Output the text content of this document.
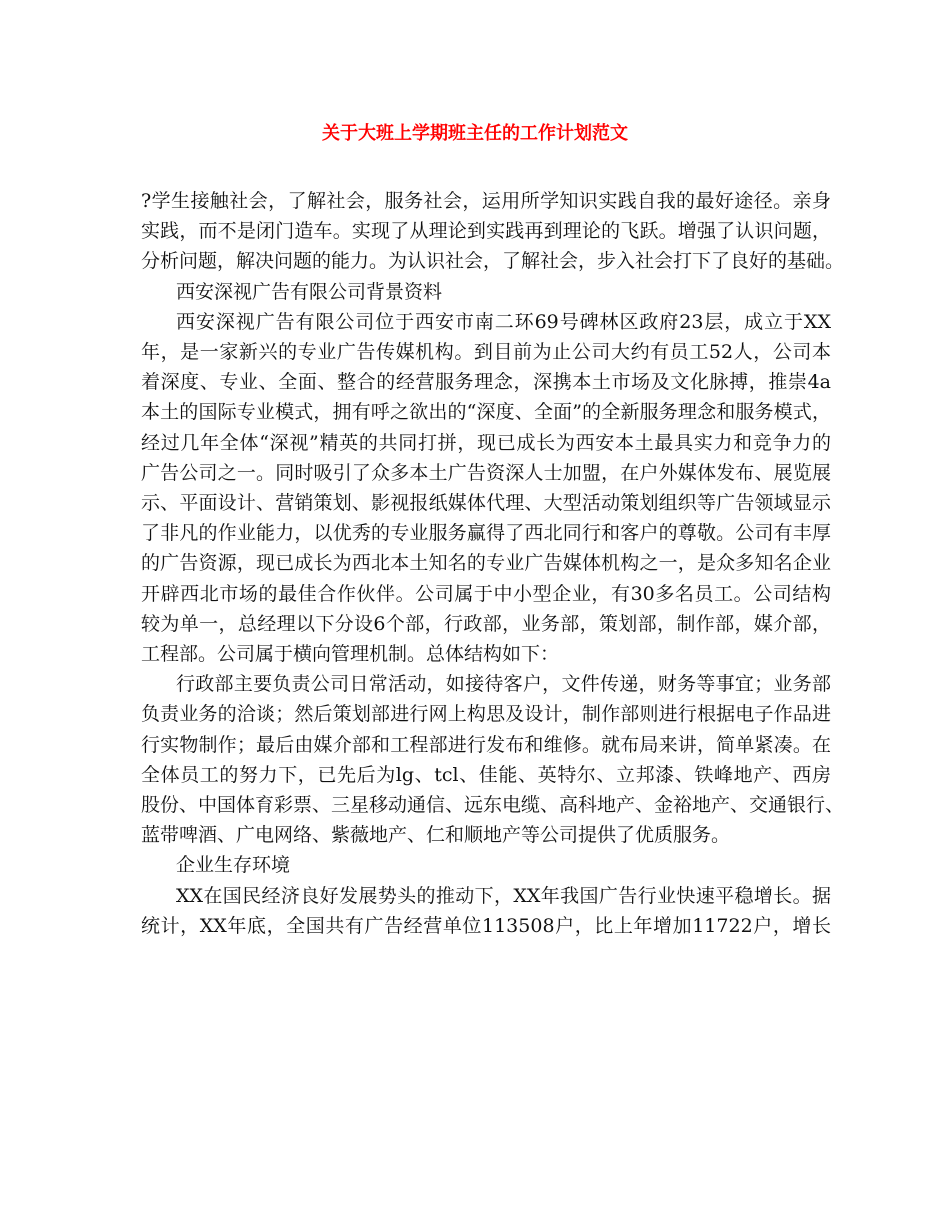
关于大班上学期班主任的工作计划范文
?学生接触社会，了解社会，服务社会，运用所学知识实践自我的最好途径。亲身
实践，而不是闭门造车。实现了从理论到实践再到理论的飞跃。增强了认识问题，
分析问题，解决问题的能力。为认识社会，了解社会，步入社会打下了良好的基础。
西安深视广告有限公司背景资料
西安深视广告有限公司位于西安市南二环69号碑林区政府23层，成立于XX
年，是一家新兴的专业广告传媒机构。到目前为止公司大约有员工52人，公司本
着深度、专业、全面、整合的经营服务理念，深携本土市场及文化脉搏，推崇4a
本土的国际专业模式，拥有呼之欲出的“深度、全面”的全新服务理念和服务模式，
经过几年全体“深视”精英的共同打拼，现已成长为西安本土最具实力和竞争力的
广告公司之一。同时吸引了众多本土广告资深人士加盟，在户外媒体发布、展览展
示、平面设计、营销策划、影视报纸媒体代理、大型活动策划组织等广告领域显示
了非凡的作业能力，以优秀的专业服务赢得了西北同行和客户的尊敬。公司有丰厚
的广告资源，现已成长为西北本土知名的专业广告媒体机构之一，是众多知名企业
开辟西北市场的最佳合作伙伴。公司属于中小型企业，有30多名员工。公司结构
较为单一，总经理以下分设6个部，行政部，业务部，策划部，制作部，媒介部，
工程部。公司属于横向管理机制。总体结构如下：
行政部主要负责公司日常活动，如接待客户，文件传递，财务等事宜；业务部
负责业务的洽谈；然后策划部进行网上构思及设计，制作部则进行根据电子作品进
行实物制作；最后由媒介部和工程部进行发布和维修。就布局来讲，简单紧凑。在
全体员工的努力下，已先后为lg、tcl、佳能、英特尔、立邦漆、铁峰地产、西房
股份、中国体育彩票、三星移动通信、远东电缆、高科地产、金裕地产、交通银行、
蓝带啤酒、广电网络、紫薇地产、仁和顺地产等公司提供了优质服务。
企业生存环境
XX在国民经济良好发展势头的推动下，XX年我国广告行业快速平稳增长。据
统计，XX年底，全国共有广告经营单位113508户，比上年增加11722户，增长
